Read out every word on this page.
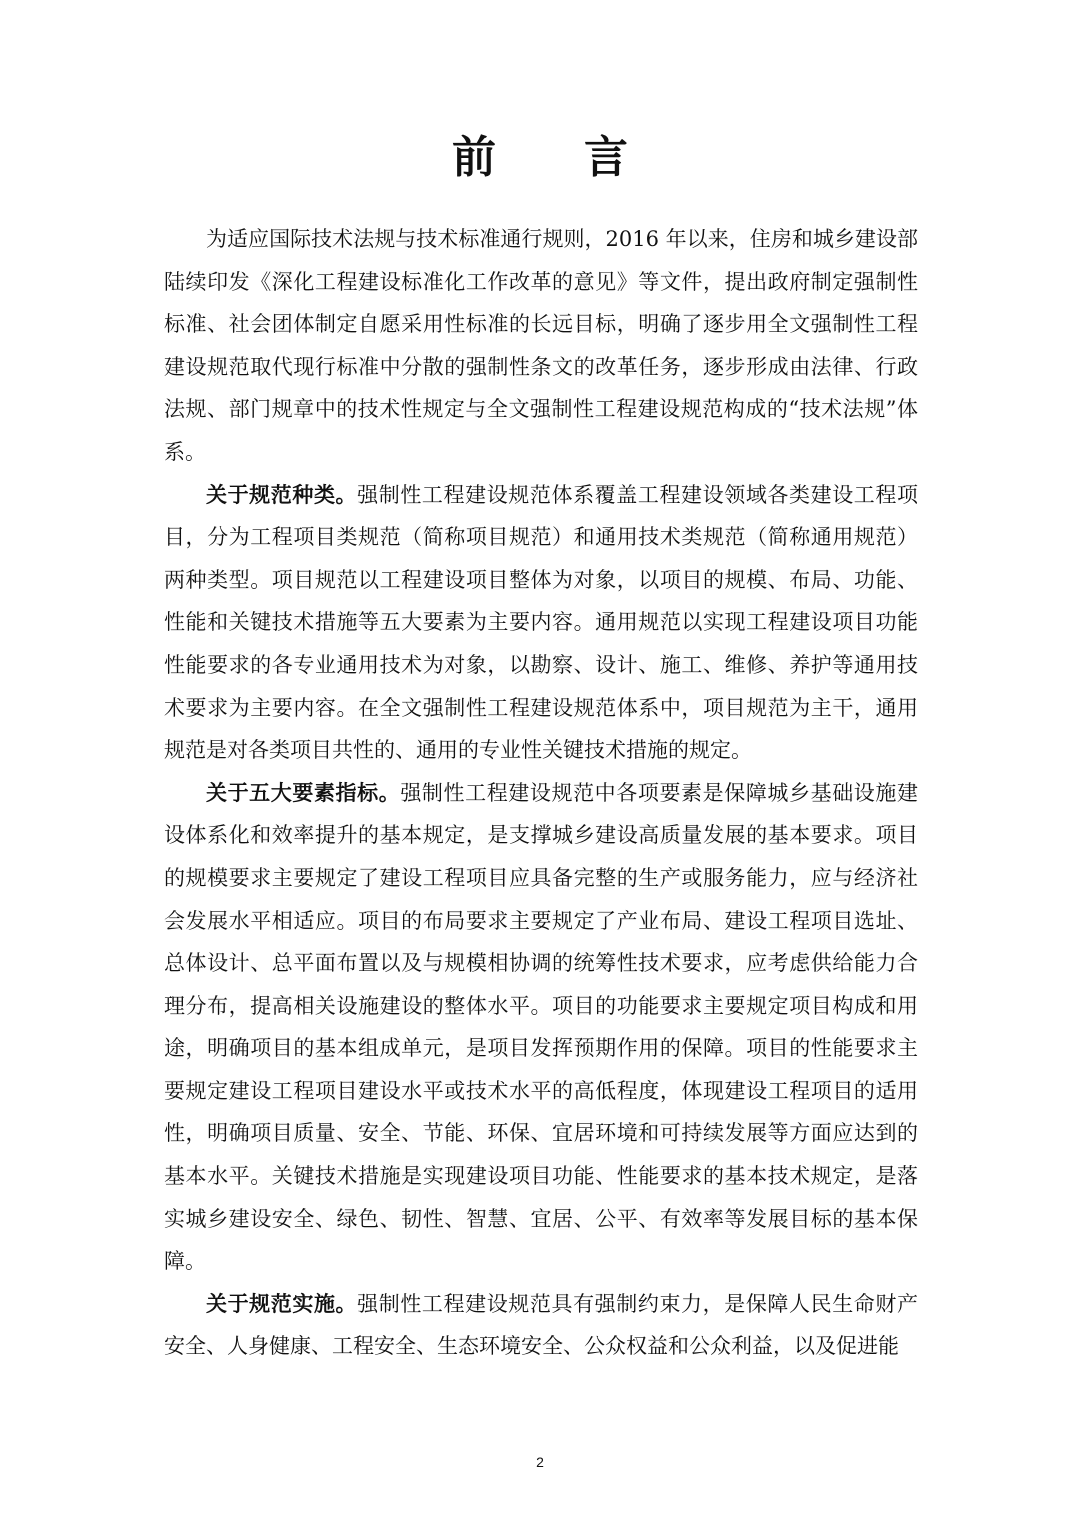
前言

为适应国际技术法规与技术标准通行规则，2016 年以来，住房和城乡建设部陆续印发《深化工程建设标准化工作改革的意见》等文件，提出政府制定强制性标准、社会团体制定自愿采用性标准的长远目标，明确了逐步用全文强制性工程建设规范取代现行标准中分散的强制性条文的改革任务，逐步形成由法律、行政法规、部门规章中的技术性规定与全文强制性工程建设规范构成的“技术法规”体系。

关于规范种类。强制性工程建设规范体系覆盖工程建设领域各类建设工程项目，分为工程项目类规范（简称项目规范）和通用技术类规范（简称通用规范）两种类型。项目规范以工程建设项目整体为对象，以项目的规模、布局、功能、性能和关键技术措施等五大要素为主要内容。通用规范以实现工程建设项目功能性能要求的各专业通用技术为对象，以勘察、设计、施工、维修、养护等通用技术要求为主要内容。在全文强制性工程建设规范体系中，项目规范为主干，通用规范是对各类项目共性的、通用的专业性关键技术措施的规定。

关于五大要素指标。强制性工程建设规范中各项要素是保障城乡基础设施建设体系化和效率提升的基本规定，是支撑城乡建设高质量发展的基本要求。项目的规模要求主要规定了建设工程项目应具备完整的生产或服务能力，应与经济社会发展水平相适应。项目的布局要求主要规定了产业布局、建设工程项目选址、总体设计、总平面布置以及与规模相协调的统筹性技术要求，应考虑供给能力合理分布，提高相关设施建设的整体水平。项目的功能要求主要规定项目构成和用途，明确项目的基本组成单元，是项目发挥预期作用的保障。项目的性能要求主要规定建设工程项目建设水平或技术水平的高低程度，体现建设工程项目的适用性，明确项目质量、安全、节能、环保、宜居环境和可持续发展等方面应达到的基本水平。关键技术措施是实现建设项目功能、性能要求的基本技术规定，是落实城乡建设安全、绿色、韧性、智慧、宜居、公平、有效率等发展目标的基本保障。

关于规范实施。强制性工程建设规范具有强制约束力，是保障人民生命财产安全、人身健康、工程安全、生态环境安全、公众权益和公众利益，以及促进能

2
